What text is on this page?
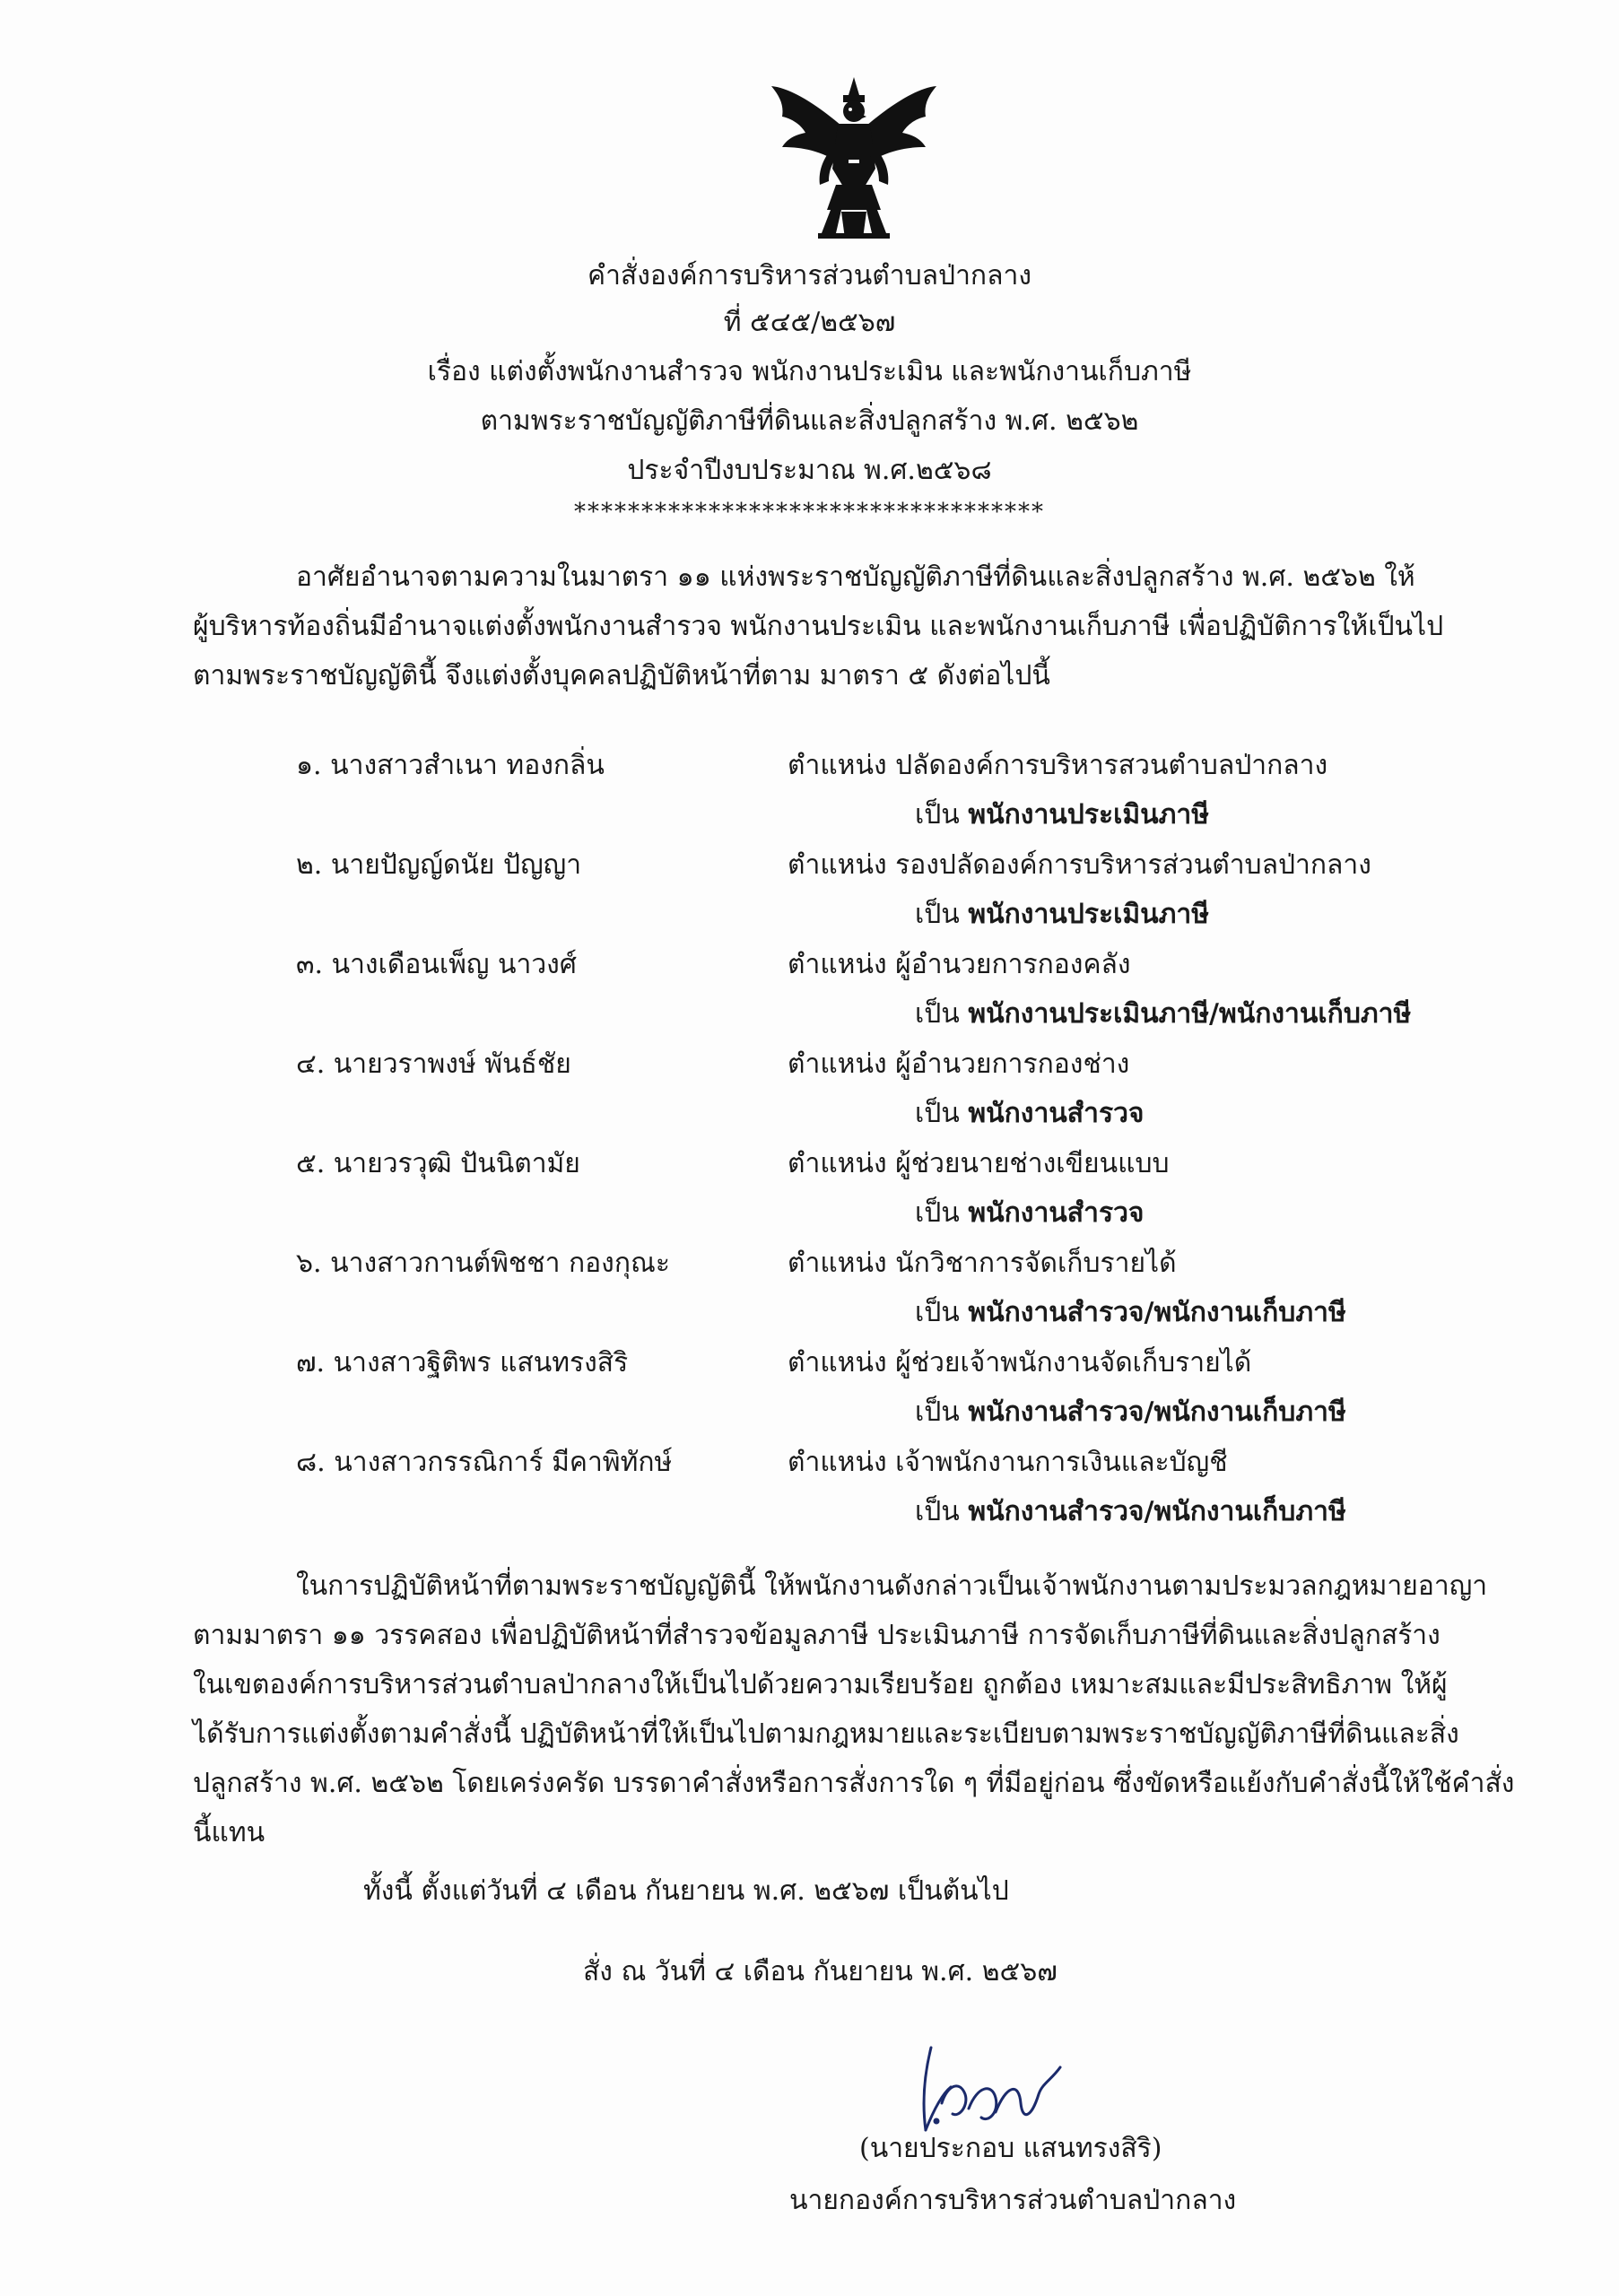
คำสั่งองค์การบริหารส่วนตำบลป่ากลาง
ที่ ๕๔๕/๒๕๖๗
เรื่อง แต่งตั้งพนักงานสำรวจ พนักงานประเมิน และพนักงานเก็บภาษี
ตามพระราชบัญญัติภาษีที่ดินและสิ่งปลูกสร้าง พ.ศ. ๒๕๖๒
ประจำปีงบประมาณ พ.ศ.๒๕๖๘
***********************************
อาศัยอำนาจตามความในมาตรา ๑๑ แห่งพระราชบัญญัติภาษีที่ดินและสิ่งปลูกสร้าง พ.ศ. ๒๕๖๒ ให้
ผู้บริหารท้องถิ่นมีอำนาจแต่งตั้งพนักงานสำรวจ พนักงานประเมิน และพนักงานเก็บภาษี เพื่อปฏิบัติการให้เป็นไป
ตามพระราชบัญญัตินี้ จึงแต่งตั้งบุคคลปฏิบัติหน้าที่ตาม มาตรา ๕ ดังต่อไปนี้
๑. นางสาวสำเนา ทองกลิ่น	ตำแหน่ง ปลัดองค์การบริหารสวนตำบลป่ากลาง
เป็น พนักงานประเมินภาษี
๒. นายปัญญ์ดนัย ปัญญา	ตำแหน่ง รองปลัดองค์การบริหารส่วนตำบลป่ากลาง
เป็น พนักงานประเมินภาษี
๓. นางเดือนเพ็ญ นาวงศ์	ตำแหน่ง ผู้อำนวยการกองคลัง
เป็น พนักงานประเมินภาษี/พนักงานเก็บภาษี
๔. นายวราพงษ์ พันธ์ชัย	ตำแหน่ง ผู้อำนวยการกองช่าง
เป็น พนักงานสำรวจ
๕. นายวรวุฒิ ปันนิตามัย	ตำแหน่ง ผู้ช่วยนายช่างเขียนแบบ
เป็น พนักงานสำรวจ
๖. นางสาวกานต์พิชชา กองกุณะ	ตำแหน่ง นักวิชาการจัดเก็บรายได้
เป็น พนักงานสำรวจ/พนักงานเก็บภาษี
๗. นางสาวฐิติพร แสนทรงสิริ	ตำแหน่ง ผู้ช่วยเจ้าพนักงานจัดเก็บรายได้
เป็น พนักงานสำรวจ/พนักงานเก็บภาษี
๘. นางสาวกรรณิการ์ มีคาพิทักษ์	ตำแหน่ง เจ้าพนักงานการเงินและบัญชี
เป็น พนักงานสำรวจ/พนักงานเก็บภาษี
ในการปฏิบัติหน้าที่ตามพระราชบัญญัตินี้ ให้พนักงานดังกล่าวเป็นเจ้าพนักงานตามประมวลกฎหมายอาญา
ตามมาตรา ๑๑ วรรคสอง เพื่อปฏิบัติหน้าที่สำรวจข้อมูลภาษี ประเมินภาษี การจัดเก็บภาษีที่ดินและสิ่งปลูกสร้าง
ในเขตองค์การบริหารส่วนตำบลป่ากลางให้เป็นไปด้วยความเรียบร้อย ถูกต้อง เหมาะสมและมีประสิทธิภาพ ให้ผู้
ได้รับการแต่งตั้งตามคำสั่งนี้ ปฏิบัติหน้าที่ให้เป็นไปตามกฎหมายและระเบียบตามพระราชบัญญัติภาษีที่ดินและสิ่ง
ปลูกสร้าง พ.ศ. ๒๕๖๒ โดยเคร่งครัด บรรดาคำสั่งหรือการสั่งการใด ๆ ที่มีอยู่ก่อน ซึ่งขัดหรือแย้งกับคำสั่งนี้ให้ใช้คำสั่ง
นี้แทน
ทั้งนี้ ตั้งแต่วันที่ ๔ เดือน กันยายน พ.ศ. ๒๕๖๗ เป็นต้นไป
สั่ง ณ วันที่ ๔ เดือน กันยายน พ.ศ. ๒๕๖๗
(นายประกอบ แสนทรงสิริ)
นายกองค์การบริหารส่วนตำบลป่ากลาง
